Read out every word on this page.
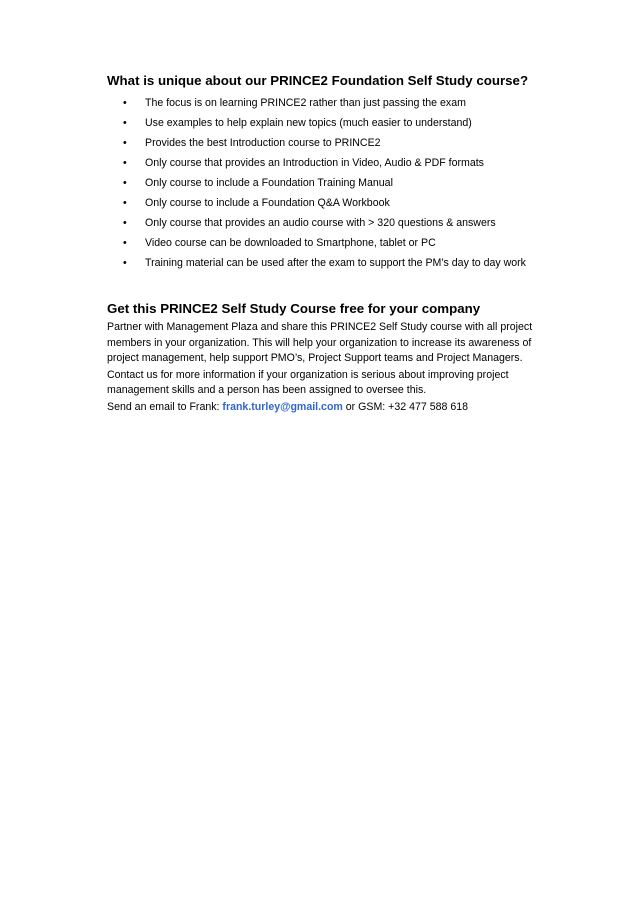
What is unique about our PRINCE2 Foundation Self Study course?
• The focus is on learning PRINCE2 rather than just passing the exam
• Use examples to help explain new topics (much easier to understand)
• Provides the best Introduction course to PRINCE2
• Only course that provides an Introduction in Video, Audio & PDF formats
• Only course to include a Foundation Training Manual
• Only course to include a Foundation Q&A Workbook
• Only course that provides an audio course with > 320 questions & answers
• Video course can be downloaded to Smartphone, tablet or PC
• Training material can be used after the exam to support the PM’s day to day work
Get this PRINCE2 Self Study Course free for your company

Partner with Management Plaza and share this PRINCE2 Self Study course with all project members in your organization. This will help your organization to increase its awareness of project management, help support PMO’s, Project Support teams and Project Managers.

Contact us for more information if your organization is serious about improving project management skills and a person has been assigned to oversee this.

Send an email to Frank: frank.turley@gmail.com or GSM: +32 477 588 618
